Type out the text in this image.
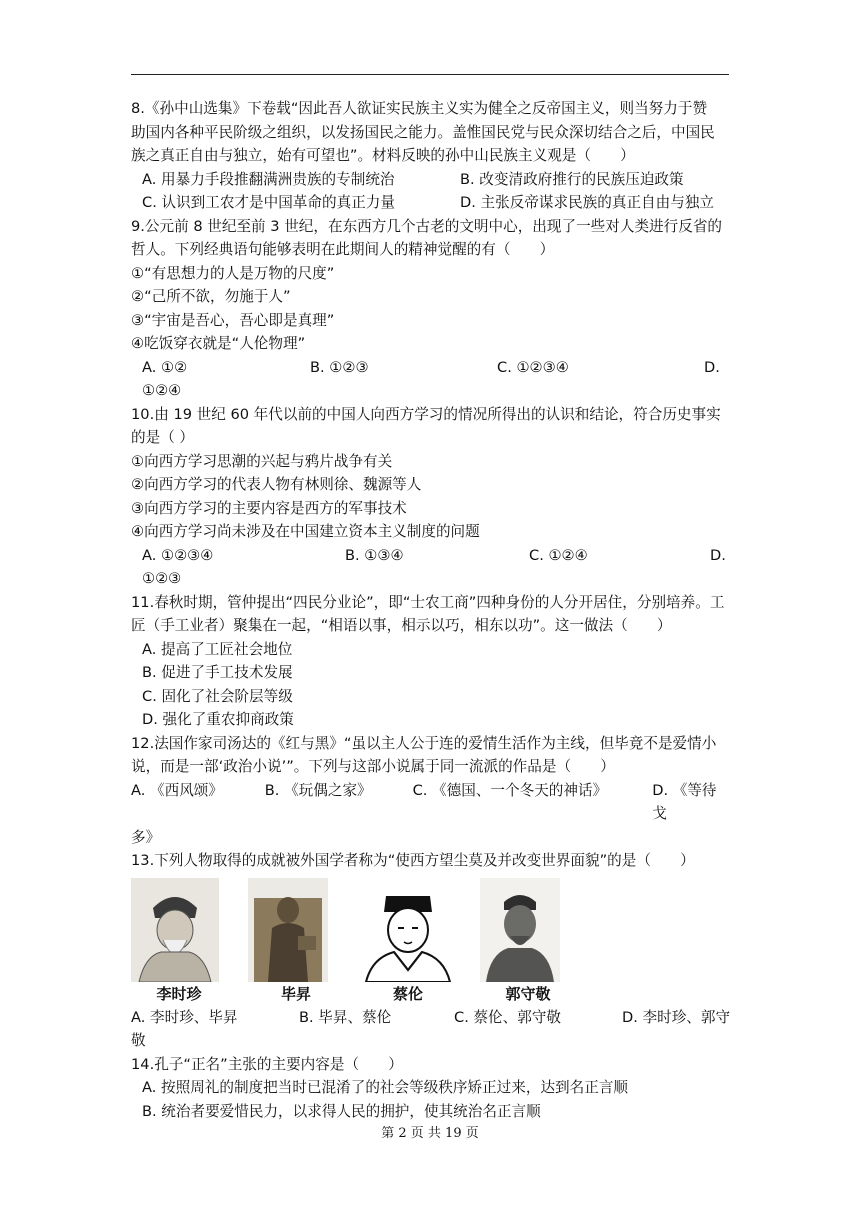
8.《孙中山选集》下卷载“因此吾人欲证实民族主义实为健全之反帝国主义，则当努力于赞

助国内各种平民阶级之组织，以发扬国民之能力。盖惟国民党与民众深切结合之后，中国民

族之真正自由与独立，始有可望也”。材料反映的孙中山民族主义观是（　　）

A. 用暴力手段推翻满洲贵族的专制统治	B. 改变清政府推行的民族压迫政策
C. 认识到工农才是中国革命的真正力量	D. 主张反帝谋求民族的真正自由与独立

9.公元前 8 世纪至前 3 世纪，在东西方几个古老的文明中心，出现了一些对人类进行反省的

哲人。下列经典语句能够表明在此期间人的精神觉醒的有（　　）

①“有思想力的人是万物的尺度”

②“己所不欲，勿施于人”

③“宇宙是吾心，吾心即是真理”

④吃饭穿衣就是“人伦物理”

A. ①②	B. ①②③	C. ①②③④	D.

①②④

10.由 19 世纪 60 年代以前的中国人向西方学习的情况所得出的认识和结论，符合历史事实

的是（ ）

①向西方学习思潮的兴起与鸦片战争有关

②向西方学习的代表人物有林则徐、魏源等人

③向西方学习的主要内容是西方的军事技术

④向西方学习尚未涉及在中国建立资本主义制度的问题

A. ①②③④	B. ①③④	C. ①②④	D.

①②③

11.春秋时期，管仲提出“四民分业论”，即“士农工商”四种身份的人分开居住，分别培养。工

匠（手工业者）聚集在一起，“相语以事，相示以巧，相东以功”。这一做法（　　）

A. 提高了工匠社会地位

B. 促进了手工技术发展

C. 固化了社会阶层等级

D. 强化了重农抑商政策

12.法国作家司汤达的《红与黑》“虽以主人公于连的爱情生活作为主线，但毕竟不是爱情小

说，而是一部‘政治小说’”。下列与这部小说属于同一流派的作品是（　　）

A. 《西风颂》	B. 《玩偶之家》	C. 《德国、一个冬天的神话》	D. 《等待戈

多》

13.下列人物取得的成就被外国学者称为“使西方望尘莫及并改变世界面貌”的是（　　）

李时珍	毕昇	蔡伦	郭守敬
A. 李时珍、毕昇	B. 毕昇、蔡伦	C. 蔡伦、郭守敬	D. 李时珍、郭守

敬

14.孔子“正名”主张的主要内容是（　　）

A. 按照周礼的制度把当时已混淆了的社会等级秩序矫正过来，达到名正言顺

B. 统治者要爱惜民力，以求得人民的拥护，使其统治名正言顺

第 2 页 共 19 页
